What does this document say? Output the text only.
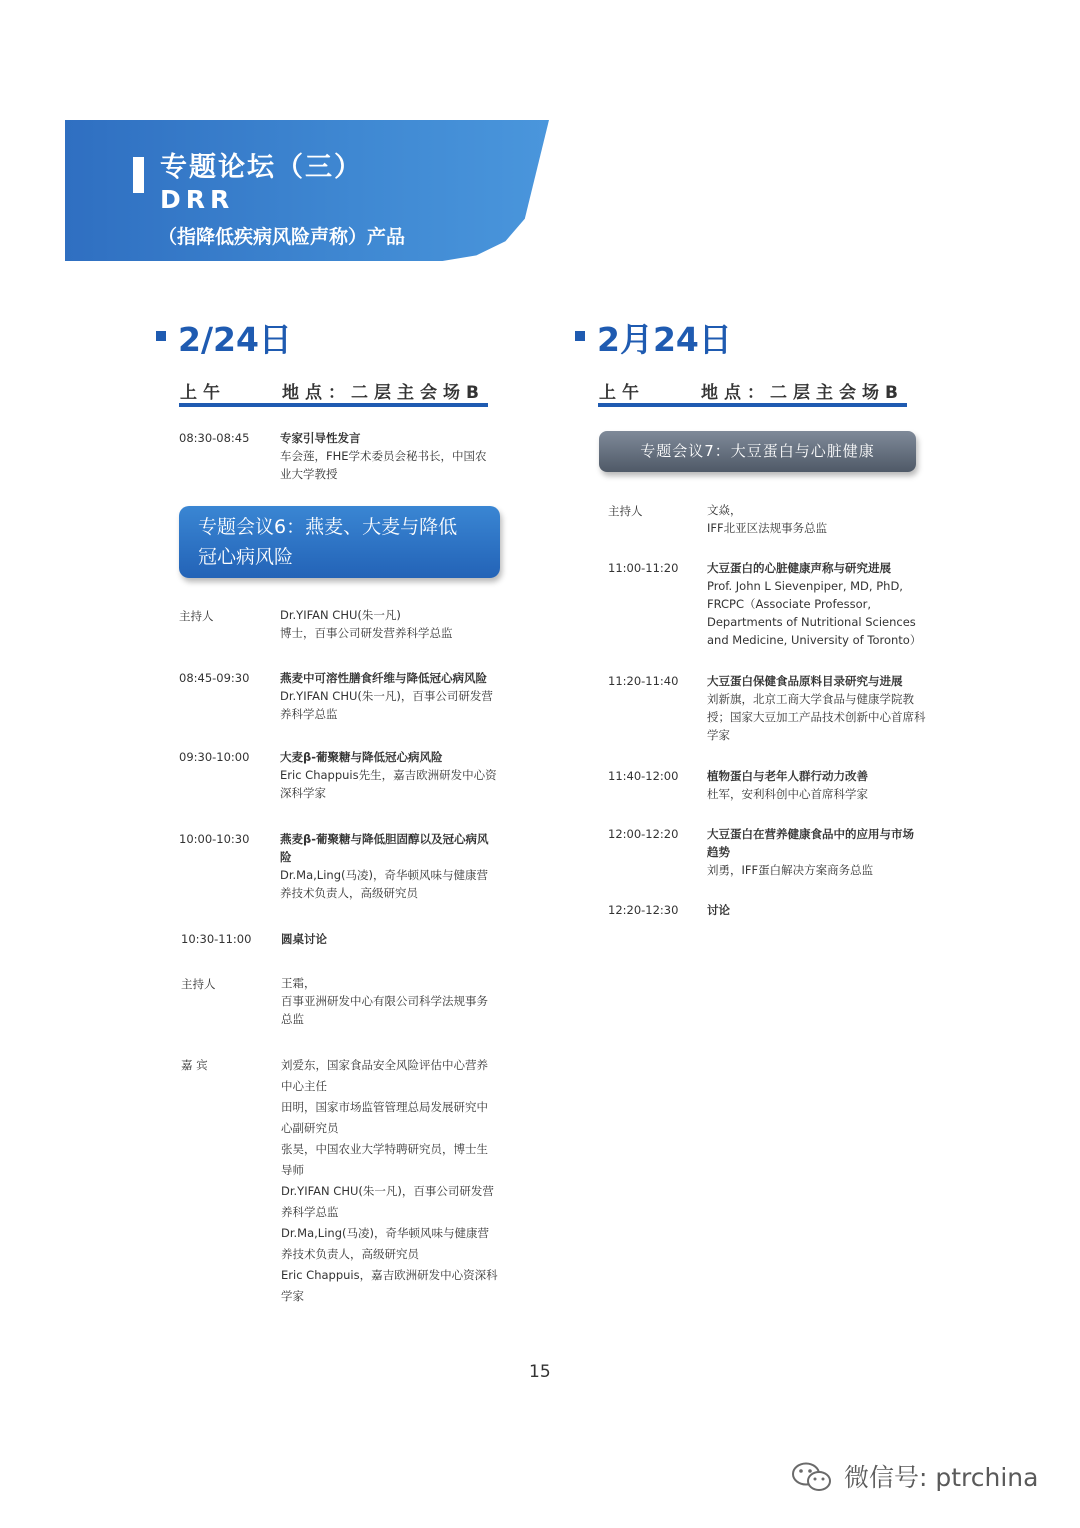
专题论坛（三）
DRR
（指降低疾病风险声称）产品
2/24日
上午	地点：二层主会场B
08:30-08:45	专家引导性发言
车会莲，FHE学术委员会秘书长，中国农
业大学教授
专题会议6：燕麦、大麦与降低
冠心病风险
主持人	Dr.YIFAN CHU(朱一凡)
博士，百事公司研发营养科学总监
08:45-09:30	燕麦中可溶性膳食纤维与降低冠心病风险
Dr.YIFAN CHU(朱一凡)，百事公司研发营
养科学总监
09:30-10:00	大麦β-葡聚糖与降低冠心病风险
Eric Chappuis先生，嘉吉欧洲研发中心资
深科学家
10:00-10:30	燕麦β-葡聚糖与降低胆固醇以及冠心病风
险
Dr.Ma,Ling(马凌)，奇华顿风味与健康营
养技术负责人，高级研究员
10:30-11:00	圆桌讨论
主持人	王霜，
百事亚洲研发中心有限公司科学法规事务
总监
嘉 宾	刘爱东，国家食品安全风险评估中心营养
中心主任
田明，国家市场监管管理总局发展研究中
心副研究员
张昊，中国农业大学特聘研究员，博士生
导师
Dr.YIFAN CHU(朱一凡)，百事公司研发营
养科学总监
Dr.Ma,Ling(马凌)，奇华顿风味与健康营
养技术负责人，高级研究员
Eric Chappuis，嘉吉欧洲研发中心资深科
学家
2月24日
上午	地点：二层主会场B
专题会议7：大豆蛋白与心脏健康
主持人	文焱，
IFF北亚区法规事务总监
11:00-11:20 大豆蛋白的心脏健康声称与研究进展
Prof. John L Sievenpiper, MD, PhD,
FRCPC（Associate Professor,
Departments of Nutritional Sciences
and Medicine, University of Toronto）
11:20-11:40 大豆蛋白保健食品原料目录研究与进展
刘新旗，北京工商大学食品与健康学院教
授；国家大豆加工产品技术创新中心首席科
学家
11:40-12:00 植物蛋白与老年人群行动力改善
杜军，安利科创中心首席科学家
12:00-12:20 大豆蛋白在营养健康食品中的应用与市场
趋势
刘勇，IFF蛋白解决方案商务总监
12:20-12:30 讨论
15
微信号: ptrchina
